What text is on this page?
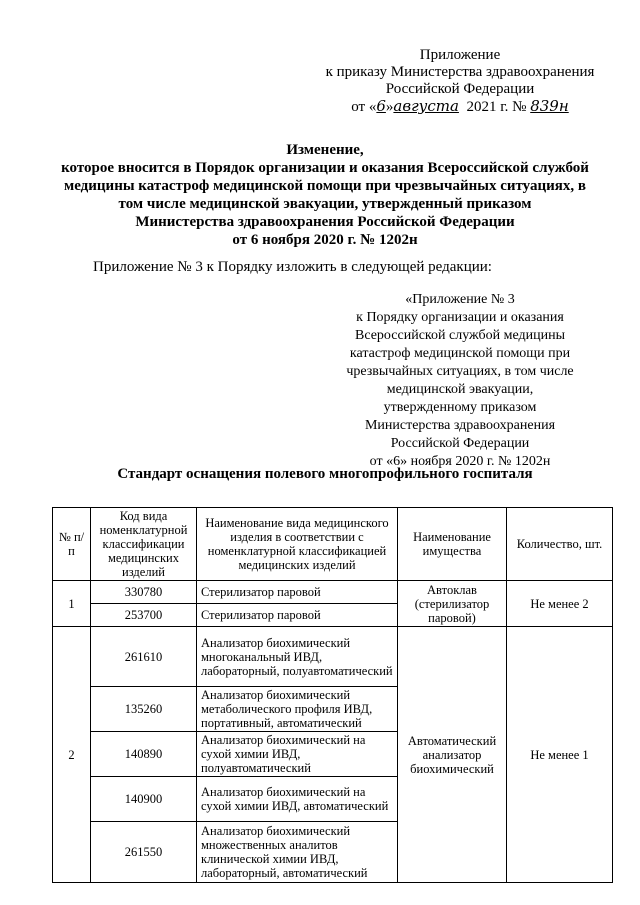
Приложение
к приказу Министерства здравоохранения
Российской Федерации
от «6»августа 2021 г. № 839н
Изменение,
которое вносится в Порядок организации и оказания Всероссийской службой
медицины катастроф медицинской помощи при чрезвычайных ситуациях, в
том числе медицинской эвакуации, утвержденный приказом
Министерства здравоохранения Российской Федерации
от 6 ноября 2020 г. № 1202н
Приложение № 3 к Порядку изложить в следующей редакции:
«Приложение № 3
к Порядку организации и оказания
Всероссийской службой медицины
катастроф медицинской помощи при
чрезвычайных ситуациях, в том числе
медицинской эвакуации,
утвержденному приказом
Министерства здравоохранения
Российской Федерации
от «6» ноября 2020 г. № 1202н
Стандарт оснащения полевого многопрофильного госпиталя
№ п/п	Код вида номенклатурной классификации медицинских изделий	Наименование вида медицинского изделия в соответствии с номенклатурной классификацией медицинских изделий	Наименование имущества	Количество, шт.
1	330780	Стерилизатор паровой	Автоклав (стерилизатор паровой)	Не менее 2
	253700	Стерилизатор паровой		
2	261610	Анализатор биохимический многоканальный ИВД, лабораторный, полуавтоматический	Автоматический анализатор биохимический	Не менее 1
	135260	Анализатор биохимический метаболического профиля ИВД, портативный, автоматический		
	140890	Анализатор биохимический на сухой химии ИВД, полуавтоматический		
	140900	Анализатор биохимический на сухой химии ИВД, автоматический		
	261550	Анализатор биохимический множественных аналитов клинической химии ИВД, лабораторный, автоматический		
